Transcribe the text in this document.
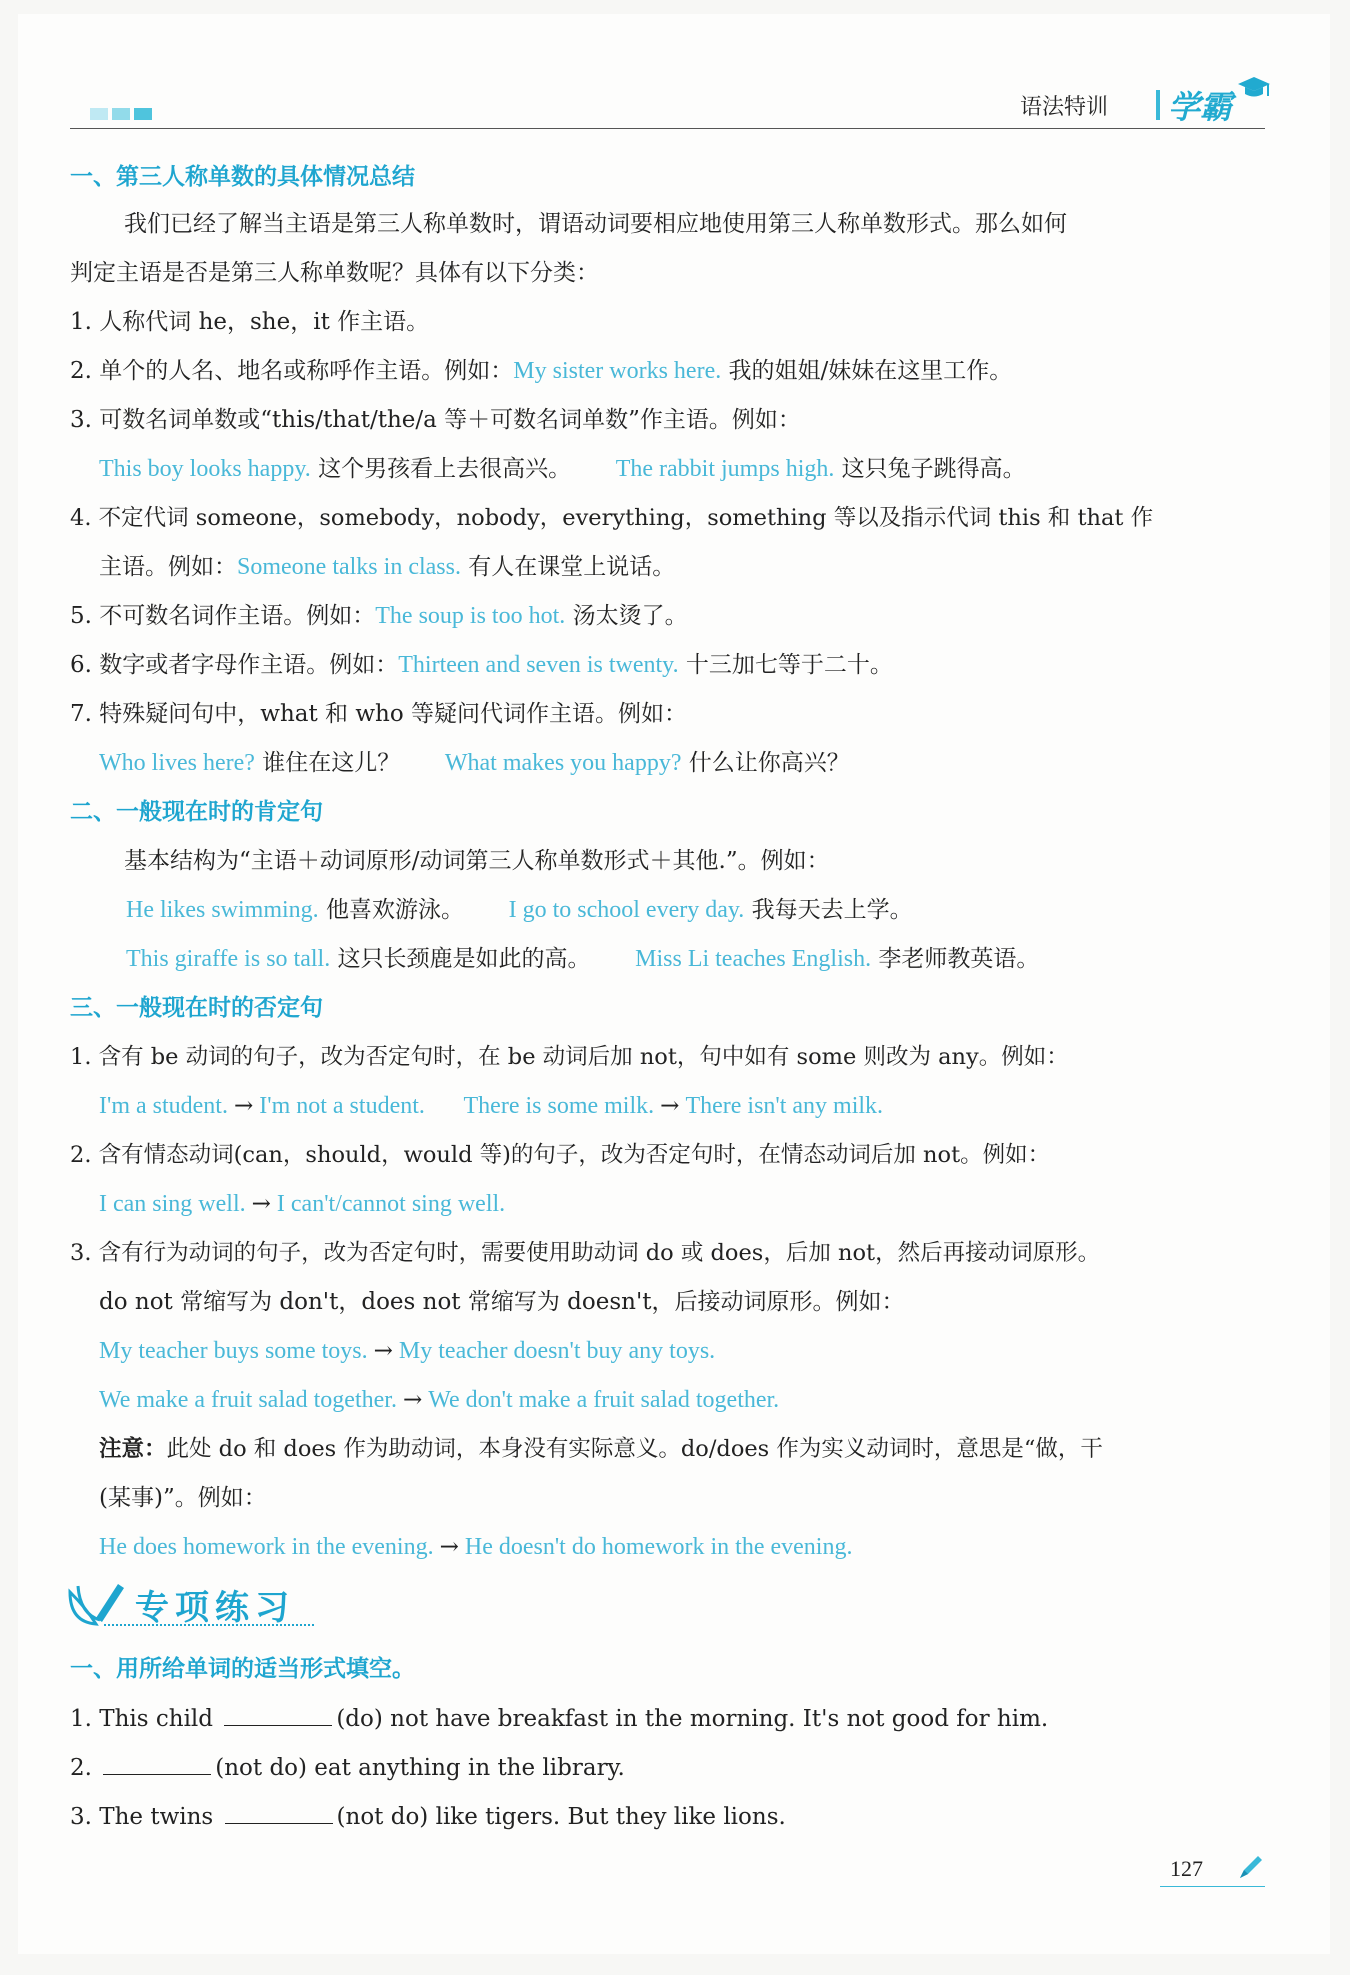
语法特训 学霸
一、第三人称单数的具体情况总结
我们已经了解当主语是第三人称单数时，谓语动词要相应地使用第三人称单数形式。那么如何
判定主语是否是第三人称单数呢？具体有以下分类：
1. 人称代词 he，she，it 作主语。
2. 单个的人名、地名或称呼作主语。例如：My sister works here. 我的姐姐/妹妹在这里工作。
3. 可数名词单数或“this/that/the/a 等＋可数名词单数”作主语。例如：
This boy looks happy. 这个男孩看上去很高兴。 The rabbit jumps high. 这只兔子跳得高。
4. 不定代词 someone，somebody，nobody，everything，something 等以及指示代词 this 和 that 作
主语。例如：Someone talks in class. 有人在课堂上说话。
5. 不可数名词作主语。例如：The soup is too hot. 汤太烫了。
6. 数字或者字母作主语。例如：Thirteen and seven is twenty. 十三加七等于二十。
7. 特殊疑问句中，what 和 who 等疑问代词作主语。例如：
Who lives here? 谁住在这儿？ What makes you happy? 什么让你高兴？
二、一般现在时的肯定句
基本结构为“主语＋动词原形/动词第三人称单数形式＋其他.”。例如：
He likes swimming. 他喜欢游泳。 I go to school every day. 我每天去上学。
This giraffe is so tall. 这只长颈鹿是如此的高。 Miss Li teaches English. 李老师教英语。
三、一般现在时的否定句
1. 含有 be 动词的句子，改为否定句时，在 be 动词后加 not，句中如有 some 则改为 any。例如：
I'm a student. → I'm not a student. There is some milk. → There isn't any milk.
2. 含有情态动词(can，should，would 等)的句子，改为否定句时，在情态动词后加 not。例如：
I can sing well. → I can't/cannot sing well.
3. 含有行为动词的句子，改为否定句时，需要使用助动词 do 或 does，后加 not，然后再接动词原形。
do not 常缩写为 don't，does not 常缩写为 doesn't，后接动词原形。例如：
My teacher buys some toys. → My teacher doesn't buy any toys.
We make a fruit salad together. → We don't make a fruit salad together.
注意：此处 do 和 does 作为助动词，本身没有实际意义。do/does 作为实义动词时，意思是“做，干
(某事)”。例如：
He does homework in the evening. → He doesn't do homework in the evening.
专项练习
一、用所给单词的适当形式填空。
1. This child	(do) not have breakfast in the morning. It's not good for him.
2.	(not do) eat anything in the library.
3. The twins	(not do) like tigers. But they like lions.
127
